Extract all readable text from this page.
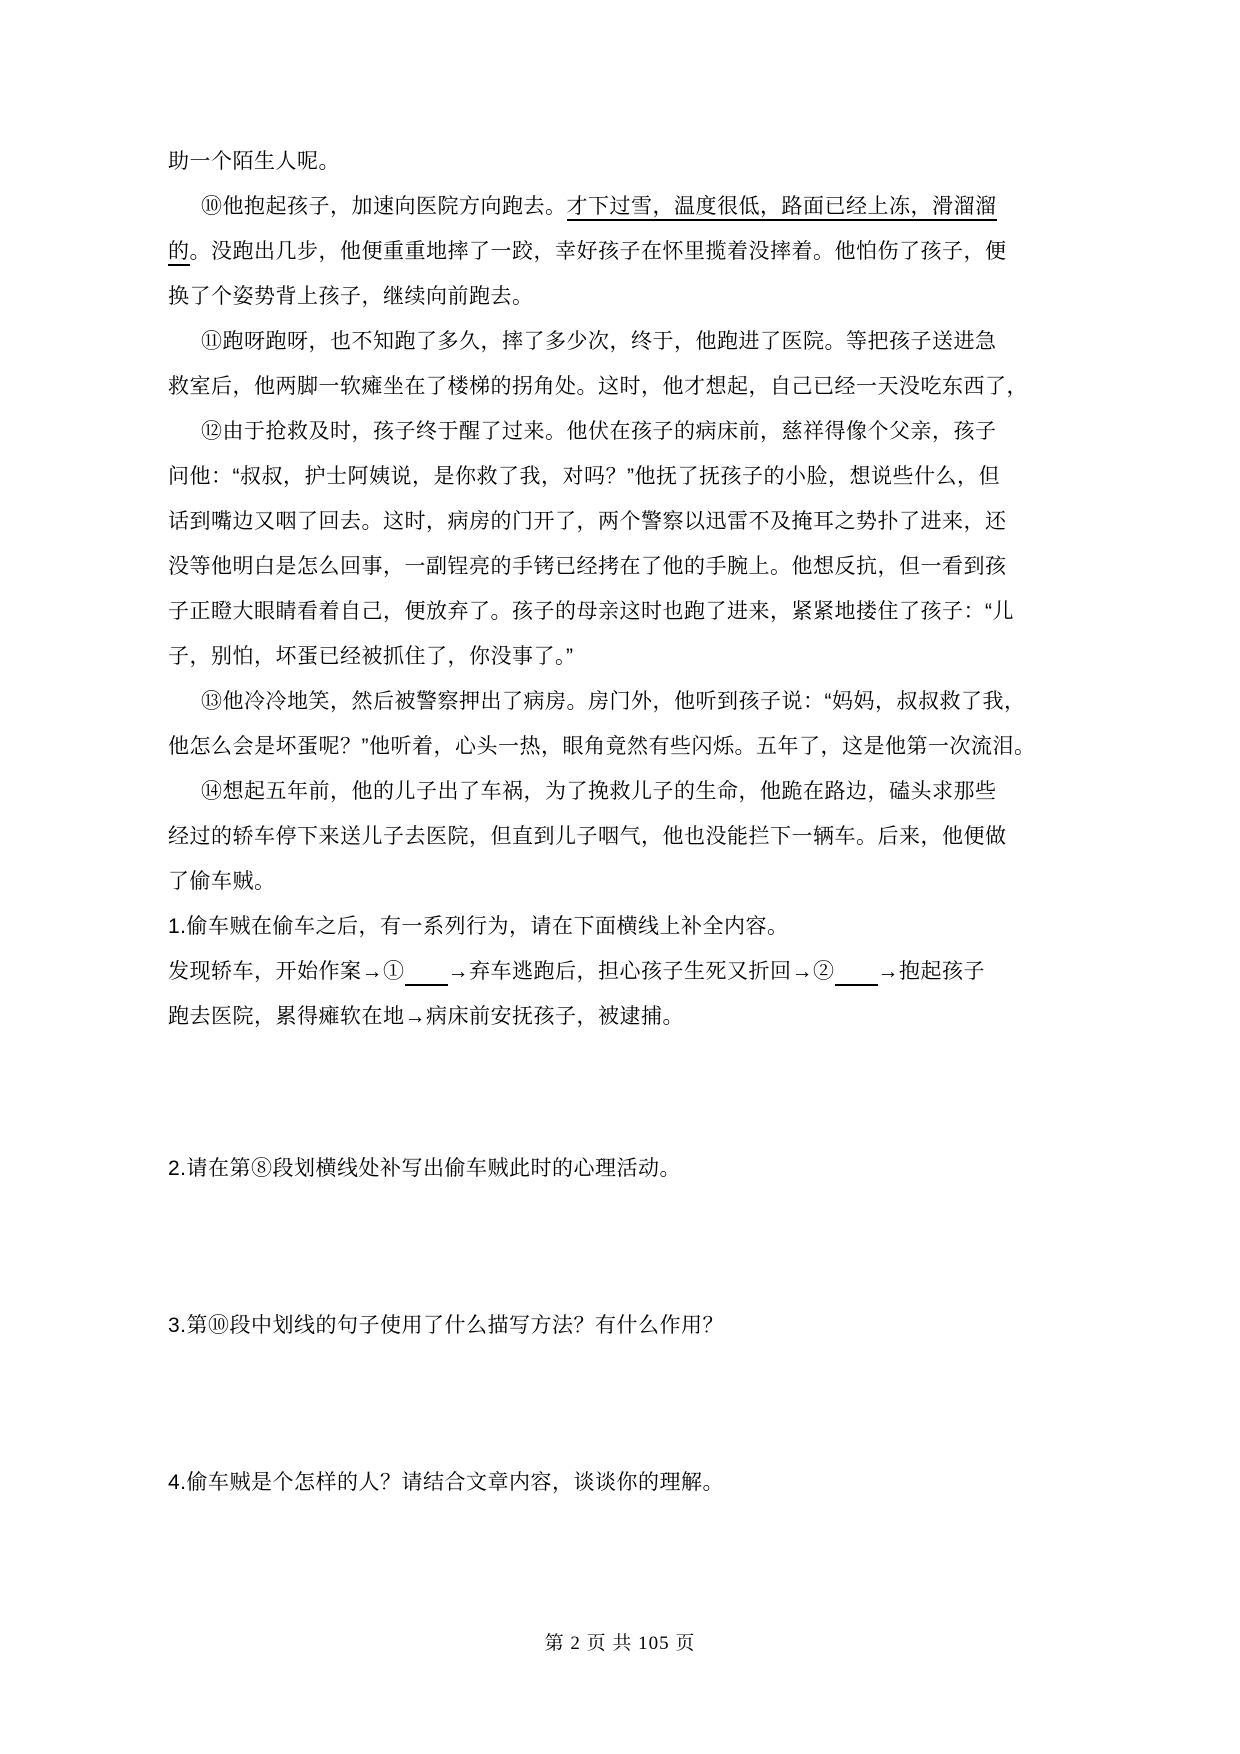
助一个陌生人呢。
⑩他抱起孩子，加速向医院方向跑去。才下过雪，温度很低，路面已经上冻，滑溜溜
的。没跑出几步，他便重重地摔了一跤，幸好孩子在怀里揽着没摔着。他怕伤了孩子，便
换了个姿势背上孩子，继续向前跑去。
⑪跑呀跑呀，也不知跑了多久，摔了多少次，终于，他跑进了医院。等把孩子送进急
救室后，他两脚一软瘫坐在了楼梯的拐角处。这时，他才想起，自己已经一天没吃东西了，
⑫由于抢救及时，孩子终于醒了过来。他伏在孩子的病床前，慈祥得像个父亲，孩子
问他：“叔叔，护士阿姨说，是你救了我，对吗？”他抚了抚孩子的小脸，想说些什么，但
话到嘴边又咽了回去。这时，病房的门开了，两个警察以迅雷不及掩耳之势扑了进来，还
没等他明白是怎么回事，一副锃亮的手铐已经拷在了他的手腕上。他想反抗，但一看到孩
子正瞪大眼睛看着自己，便放弃了。孩子的母亲这时也跑了进来，紧紧地搂住了孩子：“儿
子，别怕，坏蛋已经被抓住了，你没事了。”
⑬他冷冷地笑，然后被警察押出了病房。房门外，他听到孩子说：“妈妈，叔叔救了我，
他怎么会是坏蛋呢？”他听着，心头一热，眼角竟然有些闪烁。五年了，这是他第一次流泪。
⑭想起五年前，他的儿子出了车祸，为了挽救儿子的生命，他跪在路边，磕头求那些
经过的轿车停下来送儿子去医院，但直到儿子咽气，他也没能拦下一辆车。后来，他便做
了偷车贼。
1.偷车贼在偷车之后，有一系列行为，请在下面横线上补全内容。
发现轿车，开始作案→①　　 →弃车逃跑后，担心孩子生死又折回→②　　 →抱起孩子
跑去医院，累得瘫软在地→病床前安抚孩子，被逮捕。
2.请在第⑧段划横线处补写出偷车贼此时的心理活动。
3.第⑩段中划线的句子使用了什么描写方法？有什么作用？
4.偷车贼是个怎样的人？请结合文章内容，谈谈你的理解。
第 2 页 共 105 页
